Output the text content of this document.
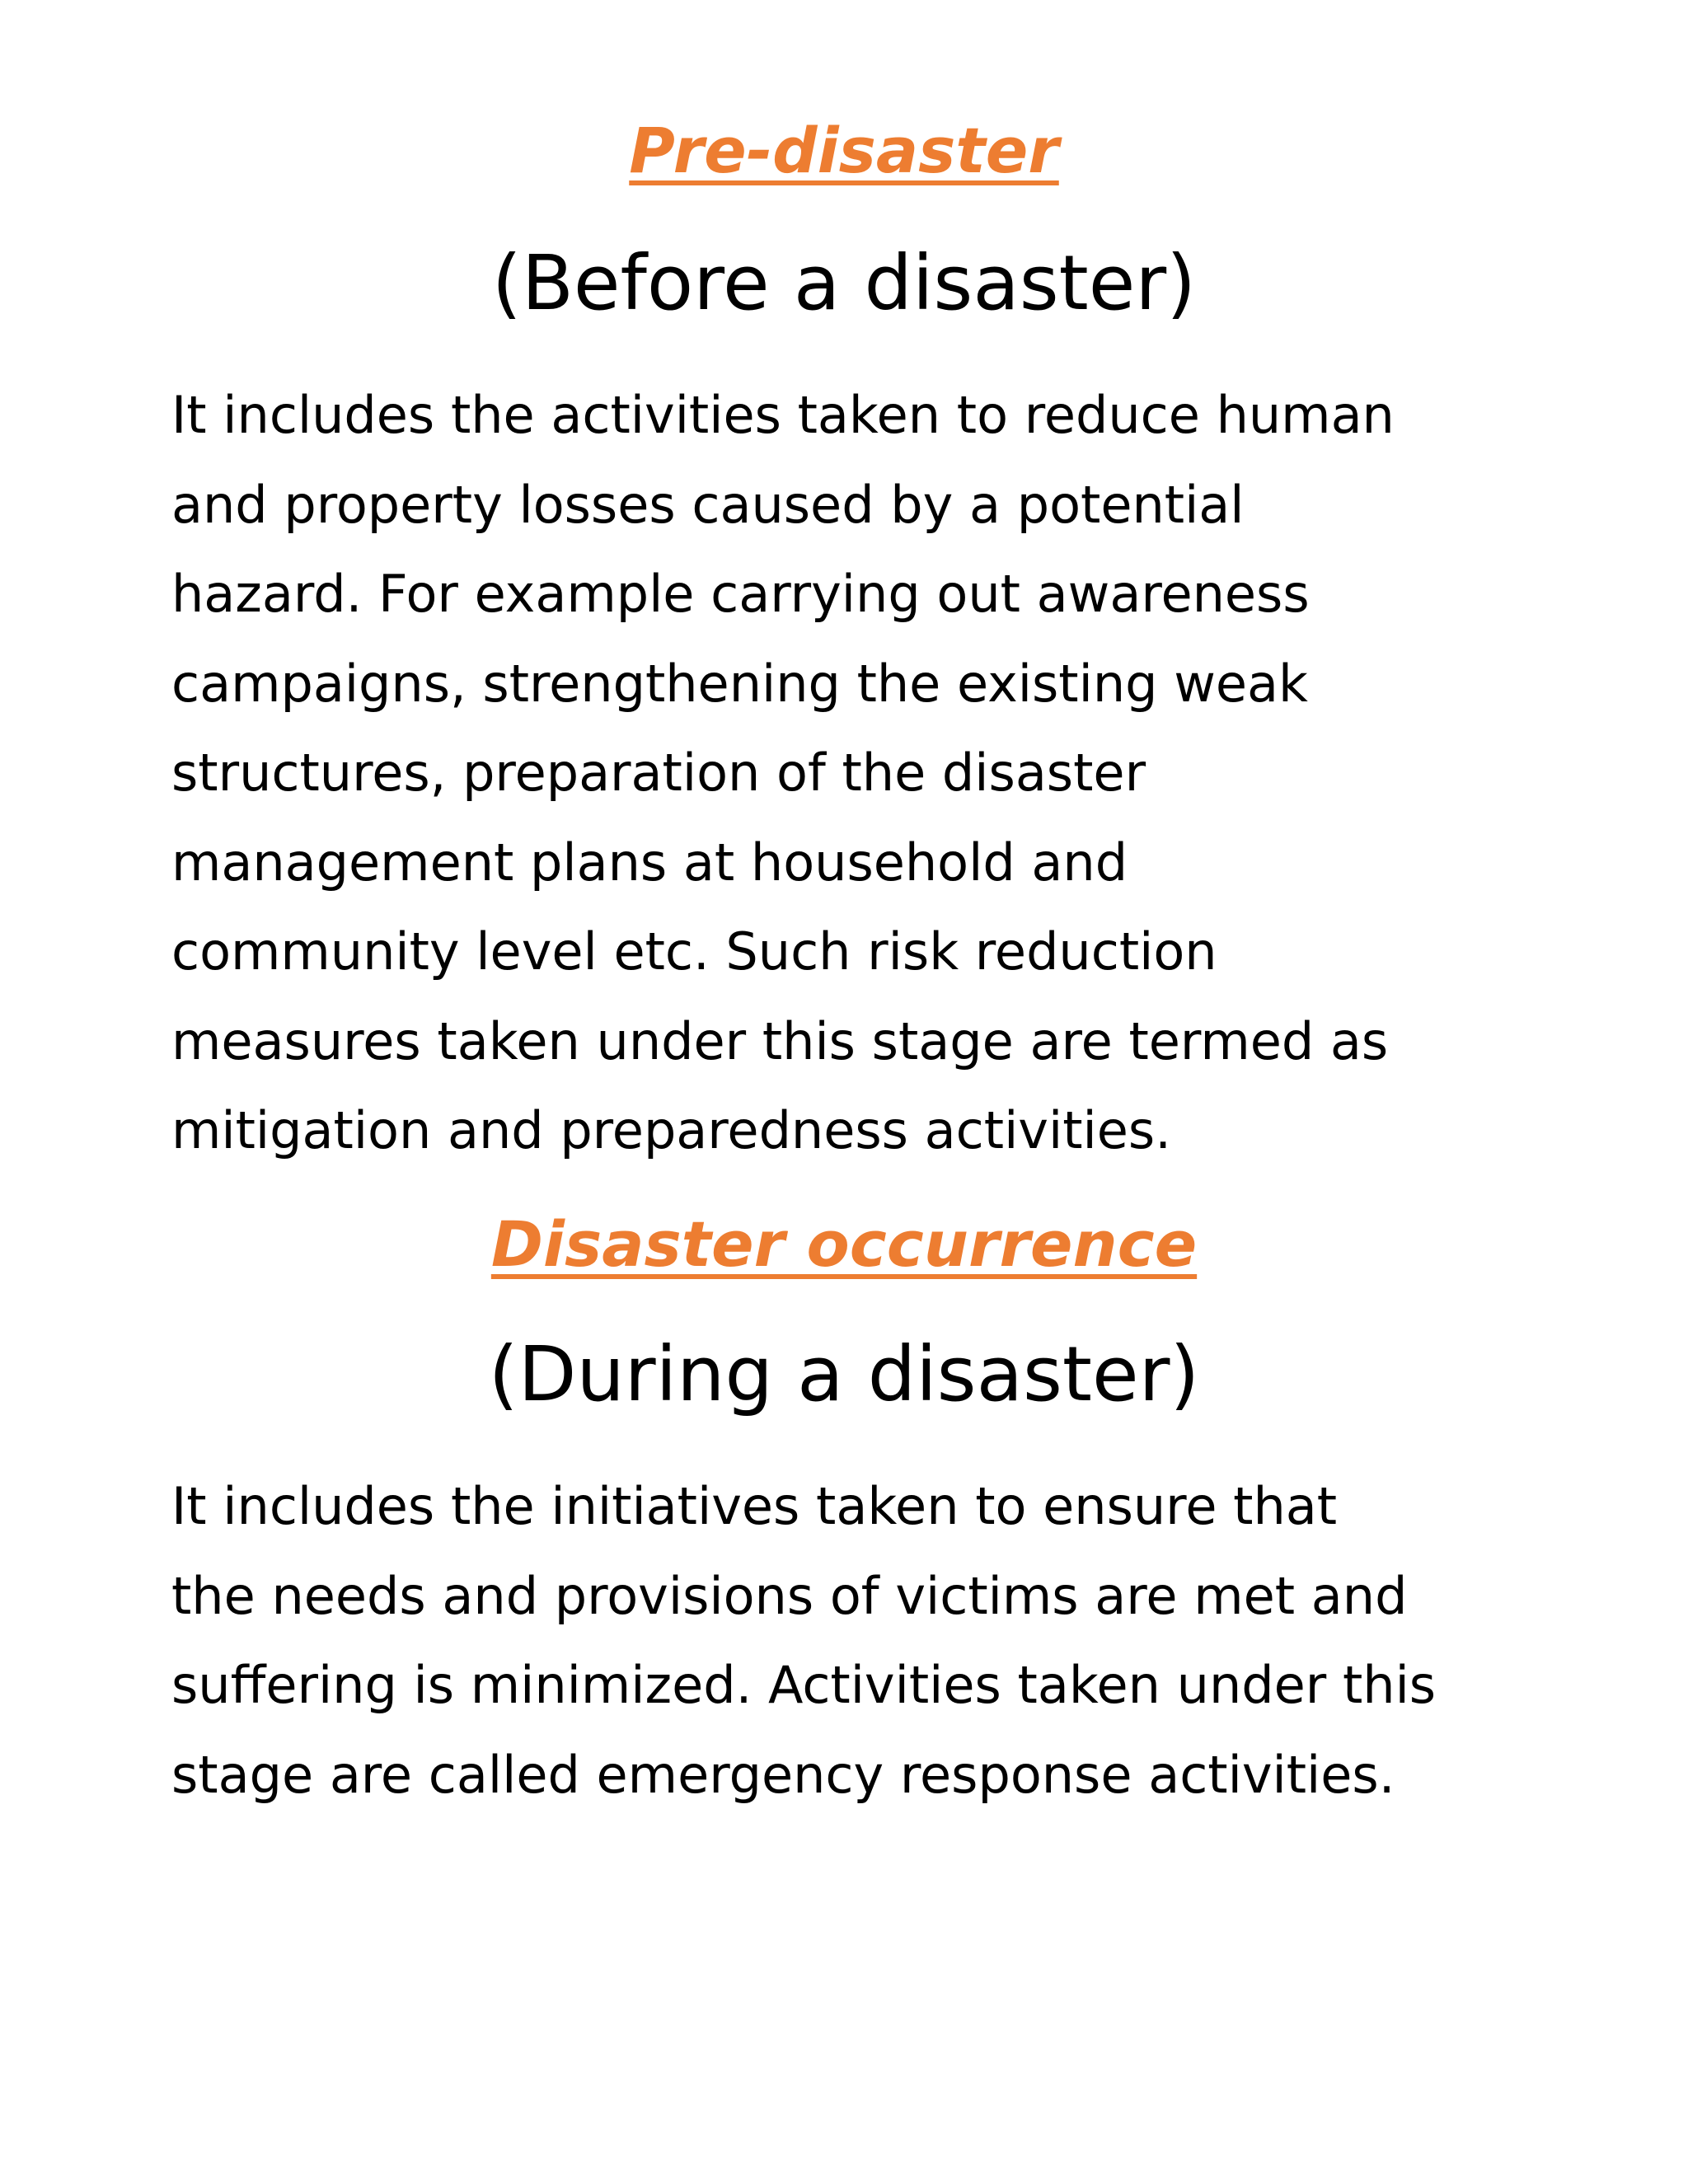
Pre-disaster
(Before a disaster)
It includes the activities taken to reduce human
and property losses caused by a potential
hazard. For example carrying out awareness
campaigns, strengthening the existing weak
structures, preparation of the disaster
management plans at household and
community level etc. Such risk reduction
measures taken under this stage are termed as
mitigation and preparedness activities.
Disaster occurrence
(During a disaster)
It includes the initiatives taken to ensure that
the needs and provisions of victims are met and
suffering is minimized. Activities taken under this
stage are called emergency response activities.
